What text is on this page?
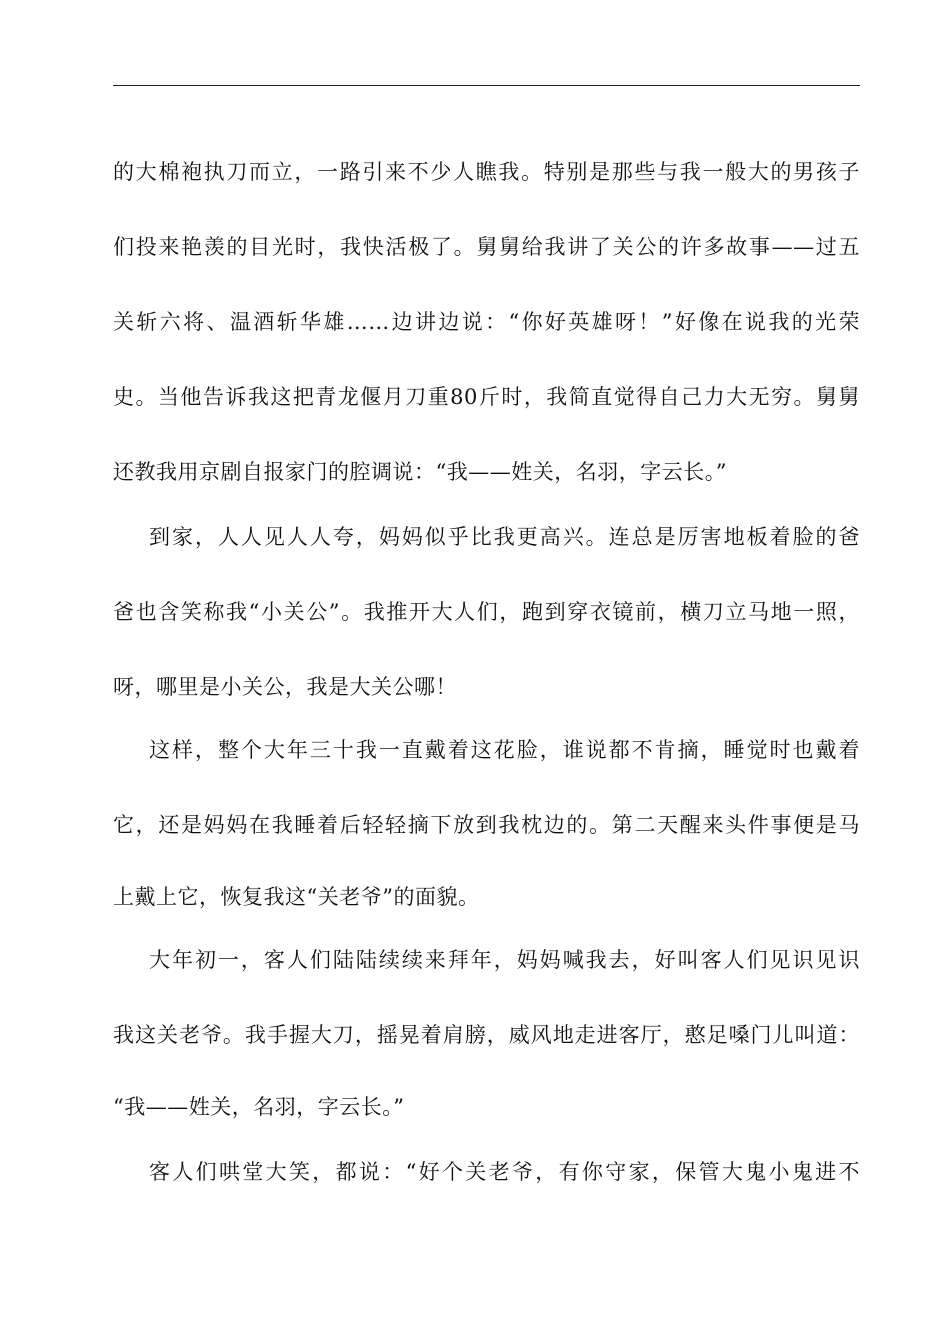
的大棉袍执刀而立，一路引来不少人瞧我。特别是那些与我一般大的男孩子
们投来艳羡的目光时，我快活极了。舅舅给我讲了关公的许多故事——过五
关斩六将、温酒斩华雄……边讲边说：“你好英雄呀！”好像在说我的光荣
史。当他告诉我这把青龙偃月刀重80斤时，我简直觉得自己力大无穷。舅舅
还教我用京剧自报家门的腔调说：“我——姓关，名羽，字云长。”
到家，人人见人人夸，妈妈似乎比我更高兴。连总是厉害地板着脸的爸
爸也含笑称我“小关公”。我推开大人们，跑到穿衣镜前，横刀立马地一照，
呀，哪里是小关公，我是大关公哪！
这样，整个大年三十我一直戴着这花脸，谁说都不肯摘，睡觉时也戴着
它，还是妈妈在我睡着后轻轻摘下放到我枕边的。第二天醒来头件事便是马
上戴上它，恢复我这“关老爷”的面貌。
大年初一，客人们陆陆续续来拜年，妈妈喊我去，好叫客人们见识见识
我这关老爷。我手握大刀，摇晃着肩膀，威风地走进客厅，憨足嗓门儿叫道：
“我——姓关，名羽，字云长。”
客人们哄堂大笑，都说：“好个关老爷，有你守家，保管大鬼小鬼进不
